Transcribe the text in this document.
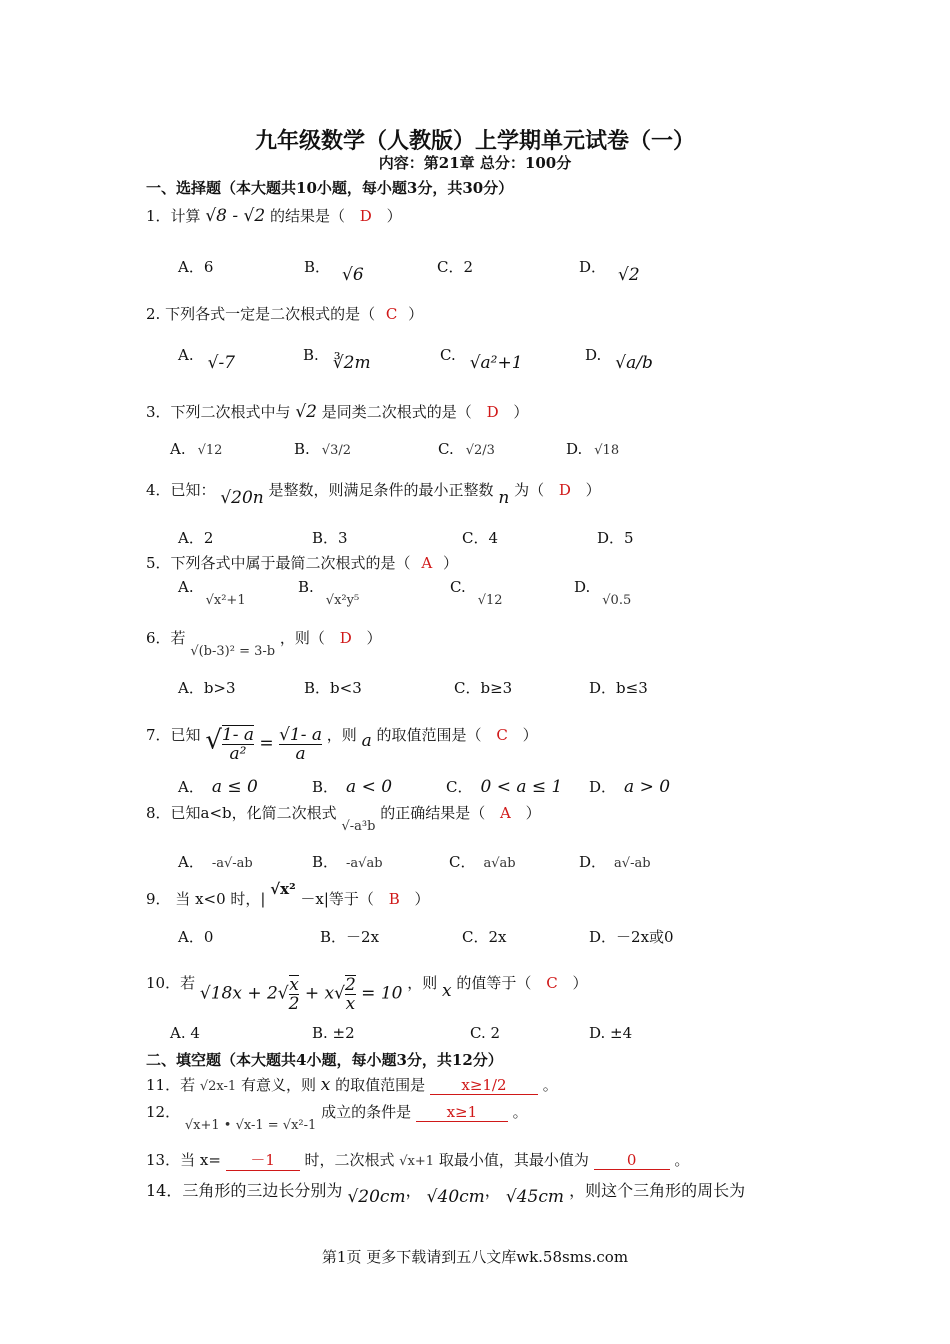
九年级数学（人教版）上学期单元试卷（一）
内容：第21章 总分：100分
一、选择题（本大题共10小题，每小题3分，共30分）
1．计算 √8 - √2 的结果是（ D ）
A．6	B． √6	C．2	D． √2
2. 下列各式一定是二次根式的是（ C ）
A. √-7	B. ∛2m	C. √a²+1	D. √a/b
3．下列二次根式中与 √2 是同类二次根式的是（ D ）
A. √12	B. √3/2	C. √2/3	D. √18
4．已知： √20n 是整数，则满足条件的最小正整数 n 为（ D ）
A．2	B．3	C．4	D．5
5．下列各式中属于最简二次根式的是（ A ）
A.√x²+1
B.√x²y⁵
C.√12
D.√0.5
6．若 √(b-3)² = 3-b ，则（ D ）
A．b>3	B．b<3	C．b≥3	D．b≤3
7．已知 √ $\frac{1- a}{\text{a²}} = \frac{√1- a}{a}$ ，则 a 的取值范围是（ C ）
A． a ≤ 0	B． a < 0	C． 0 < a ≤ 1 D． a > 0
8．已知a<b，化简二次根式 √-a³b 的正确结果是（ A ）
A． -a√-ab	B． -a√ab	C． a√ab	D． a√-ab
9． 当 x<0 时，| √x² －x|等于（ B ）
A．0	B．－2x	C．2x	D．－2x或0
10．若 $√18x + 2√ \frac{x}{2} + x√ \frac{2}{x} = 10$ ，则 x 的值等于（ C ）
A. 4	B. ±2	C. 2	D. ±4
二、填空题（本大题共4小题，每小题3分，共12分）
11．若 √2x-1 有意义，则 x 的取值范围是 x≥1/2 。
12． √x+1 • √x-1 = √x²-1 成立的条件是 x≥1 。
13．当 x= －1 时，二次根式 √x+1 取最小值，其最小值为	0	。
14．三角形的三边长分别为 √20cm， √40cm， √45cm ，则这个三角形的周长为
第1页 更多下载请到五八文库wk.58sms.com
